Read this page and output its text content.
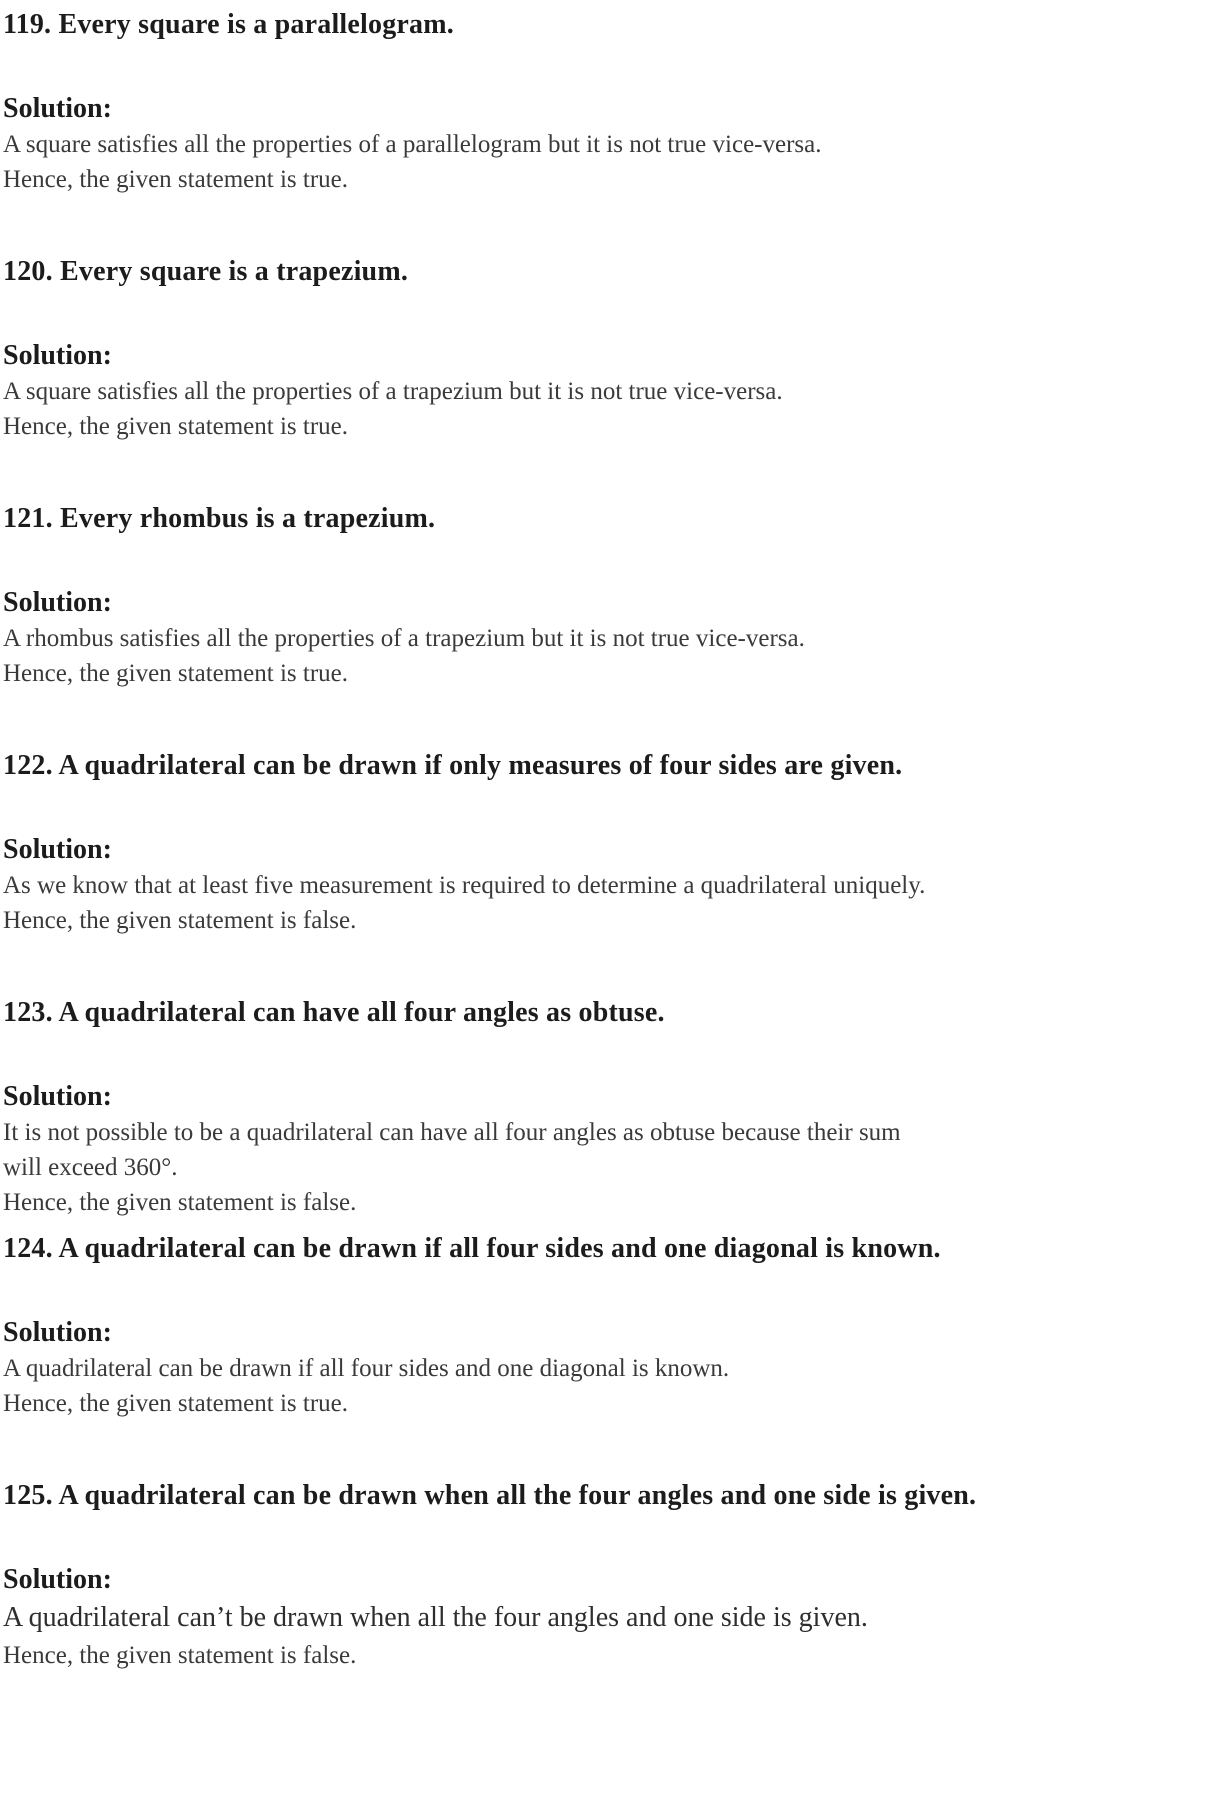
119. Every square is a parallelogram.

Solution:

A square satisfies all the properties of a parallelogram but it is not true vice-versa.

Hence, the given statement is true.

120. Every square is a trapezium.

Solution:

A square satisfies all the properties of a trapezium but it is not true vice-versa.

Hence, the given statement is true.

121. Every rhombus is a trapezium.

Solution:

A rhombus satisfies all the properties of a trapezium but it is not true vice-versa.

Hence, the given statement is true.

122. A quadrilateral can be drawn if only measures of four sides are given.

Solution:

As we know that at least five measurement is required to determine a quadrilateral uniquely.

Hence, the given statement is false.

123. A quadrilateral can have all four angles as obtuse.

Solution:

It is not possible to be a quadrilateral can have all four angles as obtuse because their sum

will exceed 360°.

Hence, the given statement is false.

124. A quadrilateral can be drawn if all four sides and one diagonal is known.

Solution:

A quadrilateral can be drawn if all four sides and one diagonal is known.

Hence, the given statement is true.

125. A quadrilateral can be drawn when all the four angles and one side is given.

Solution:

A quadrilateral can’t be drawn when all the four angles and one side is given.

Hence, the given statement is false.
